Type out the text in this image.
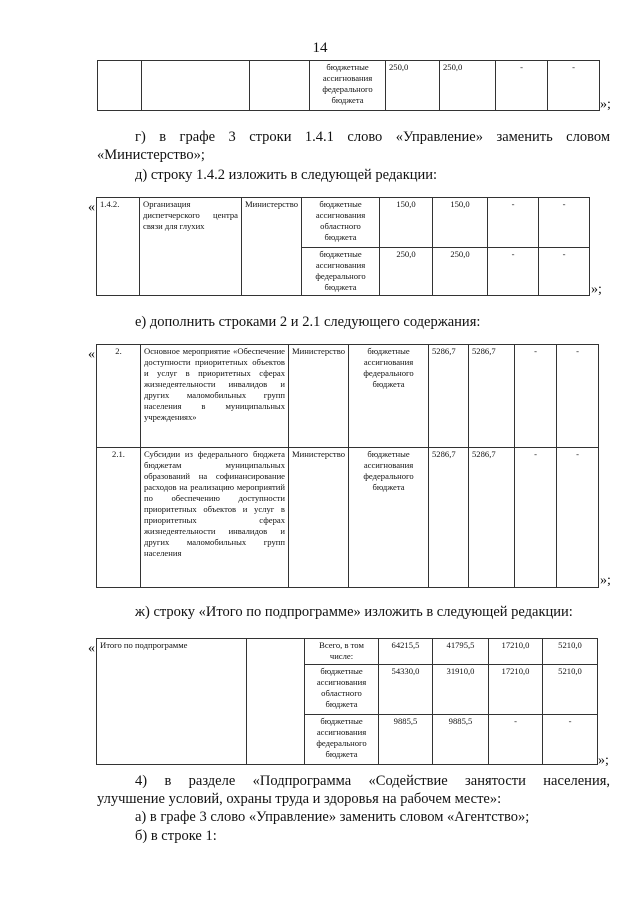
14
			бюджетные ассигнования федерального бюджета	250,0	250,0	-	-
»;
г) в графе 3 строки 1.4.1 слово «Управление» заменить словом
«Министерство»;
д) строку 1.4.2 изложить в следующей редакции:
« 1.4.2.	Организация диспетчерского центра связи для глухих	Министерство	бюджетные ассигнования областного бюджета	150,0	150,0	-	-
			бюджетные ассигнования федерального бюджета	250,0	250,0	-	-
»;
е) дополнить строками 2 и 2.1 следующего содержания:
« 2.	Основное мероприятие «Обеспечение доступности приоритетных объектов и услуг в приоритетных сферах жизнедеятельности инвалидов и других маломобильных групп населения в муниципальных учреждениях»	Министерство	бюджетные ассигнования федерального бюджета	5286,7	5286,7	-	-
2.1.	Субсидии из федерального бюджета бюджетам муниципальных образований на софинансирование расходов на реализацию мероприятий по обеспечению доступности приоритетных объектов и услуг в приоритетных сферах жизнедеятельности инвалидов и других маломобильных групп населения	Министерство	бюджетные ассигнования федерального бюджета	5286,7	5286,7	-	-
»;
ж) строку «Итого по подпрограмме» изложить в следующей редакции:
« Итого по подпрограмме		Всего, в том числе:	64215,5	41795,5	17210,0	5210,0
		бюджетные ассигнования областного бюджета	54330,0	31910,0	17210,0	5210,0
		бюджетные ассигнования федерального бюджета	9885,5	9885,5	-	-
»;
4) в разделе «Подпрограмма «Содействие занятости населения,
улучшение условий, охраны труда и здоровья на рабочем месте»:
а) в графе 3 слово «Управление» заменить словом «Агентство»;
б) в строке 1:
